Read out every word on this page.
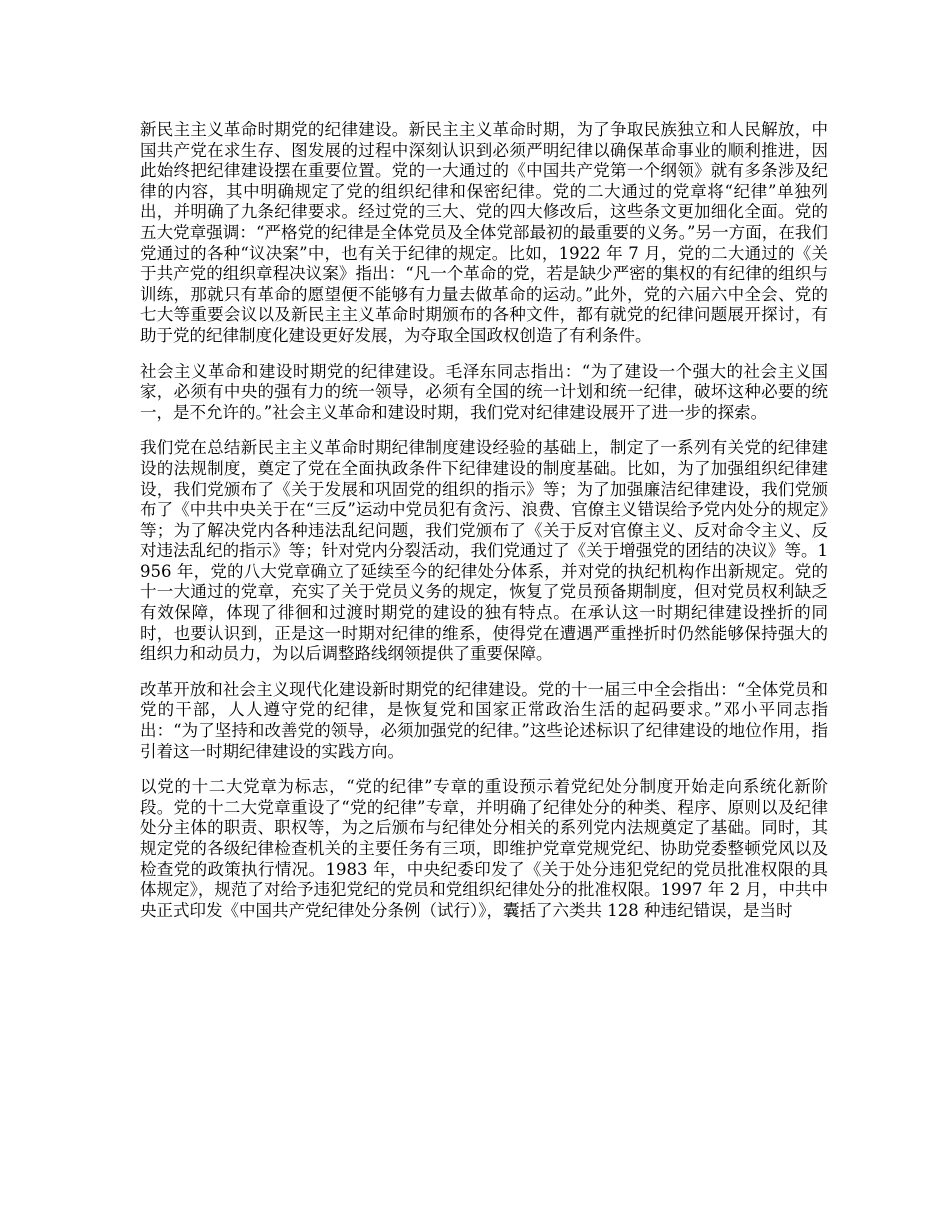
新民主主义革命时期党的纪律建设。新民主主义革命时期，为了争取民族独立和人民解放，中国共产党在求生存、图发展的过程中深刻认识到必须严明纪律以确保革命事业的顺利推进，因此始终把纪律建设摆在重要位置。党的一大通过的《中国共产党第一个纲领》就有多条涉及纪律的内容，其中明确规定了党的组织纪律和保密纪律。党的二大通过的党章将“纪律”单独列出，并明确了九条纪律要求。经过党的三大、党的四大修改后，这些条文更加细化全面。党的五大党章强调：“严格党的纪律是全体党员及全体党部最初的最重要的义务。”另一方面，在我们党通过的各种“议决案”中，也有关于纪律的规定。比如，1922 年 7 月，党的二大通过的《关于共产党的组织章程决议案》指出：“凡一个革命的党，若是缺少严密的集权的有纪律的组织与训练，那就只有革命的愿望便不能够有力量去做革命的运动。”此外，党的六届六中全会、党的七大等重要会议以及新民主主义革命时期颁布的各种文件，都有就党的纪律问题展开探讨，有助于党的纪律制度化建设更好发展，为夺取全国政权创造了有利条件。

社会主义革命和建设时期党的纪律建设。毛泽东同志指出：“为了建设一个强大的社会主义国家，必须有中央的强有力的统一领导，必须有全国的统一计划和统一纪律，破坏这种必要的统一，是不允许的。”社会主义革命和建设时期，我们党对纪律建设展开了进一步的探索。

我们党在总结新民主主义革命时期纪律制度建设经验的基础上，制定了一系列有关党的纪律建设的法规制度，奠定了党在全面执政条件下纪律建设的制度基础。比如，为了加强组织纪律建设，我们党颁布了《关于发展和巩固党的组织的指示》等；为了加强廉洁纪律建设，我们党颁布了《中共中央关于在“三反”运动中党员犯有贪污、浪费、官僚主义错误给予党内处分的规定》等；为了解决党内各种违法乱纪问题，我们党颁布了《关于反对官僚主义、反对命令主义、反对违法乱纪的指示》等；针对党内分裂活动，我们党通过了《关于增强党的团结的决议》等。1956 年，党的八大党章确立了延续至今的纪律处分体系，并对党的执纪机构作出新规定。党的十一大通过的党章，充实了关于党员义务的规定，恢复了党员预备期制度，但对党员权利缺乏有效保障，体现了徘徊和过渡时期党的建设的独有特点。在承认这一时期纪律建设挫折的同时，也要认识到，正是这一时期对纪律的维系，使得党在遭遇严重挫折时仍然能够保持强大的组织力和动员力，为以后调整路线纲领提供了重要保障。

改革开放和社会主义现代化建设新时期党的纪律建设。党的十一届三中全会指出：“全体党员和党的干部，人人遵守党的纪律，是恢复党和国家正常政治生活的起码要求。”邓小平同志指出：“为了坚持和改善党的领导，必须加强党的纪律。”这些论述标识了纪律建设的地位作用，指引着这一时期纪律建设的实践方向。

以党的十二大党章为标志，“党的纪律”专章的重设预示着党纪处分制度开始走向系统化新阶段。党的十二大党章重设了“党的纪律”专章，并明确了纪律处分的种类、程序、原则以及纪律处分主体的职责、职权等，为之后颁布与纪律处分相关的系列党内法规奠定了基础。同时，其规定党的各级纪律检查机关的主要任务有三项，即维护党章党规党纪、协助党委整顿党风以及检查党的政策执行情况。1983 年，中央纪委印发了《关于处分违犯党纪的党员批准权限的具体规定》，规范了对给予违犯党纪的党员和党组织纪律处分的批准权限。1997 年 2 月，中共中央正式印发《中国共产党纪律处分条例（试行）》，囊括了六类共 128 种违纪错误，是当时
